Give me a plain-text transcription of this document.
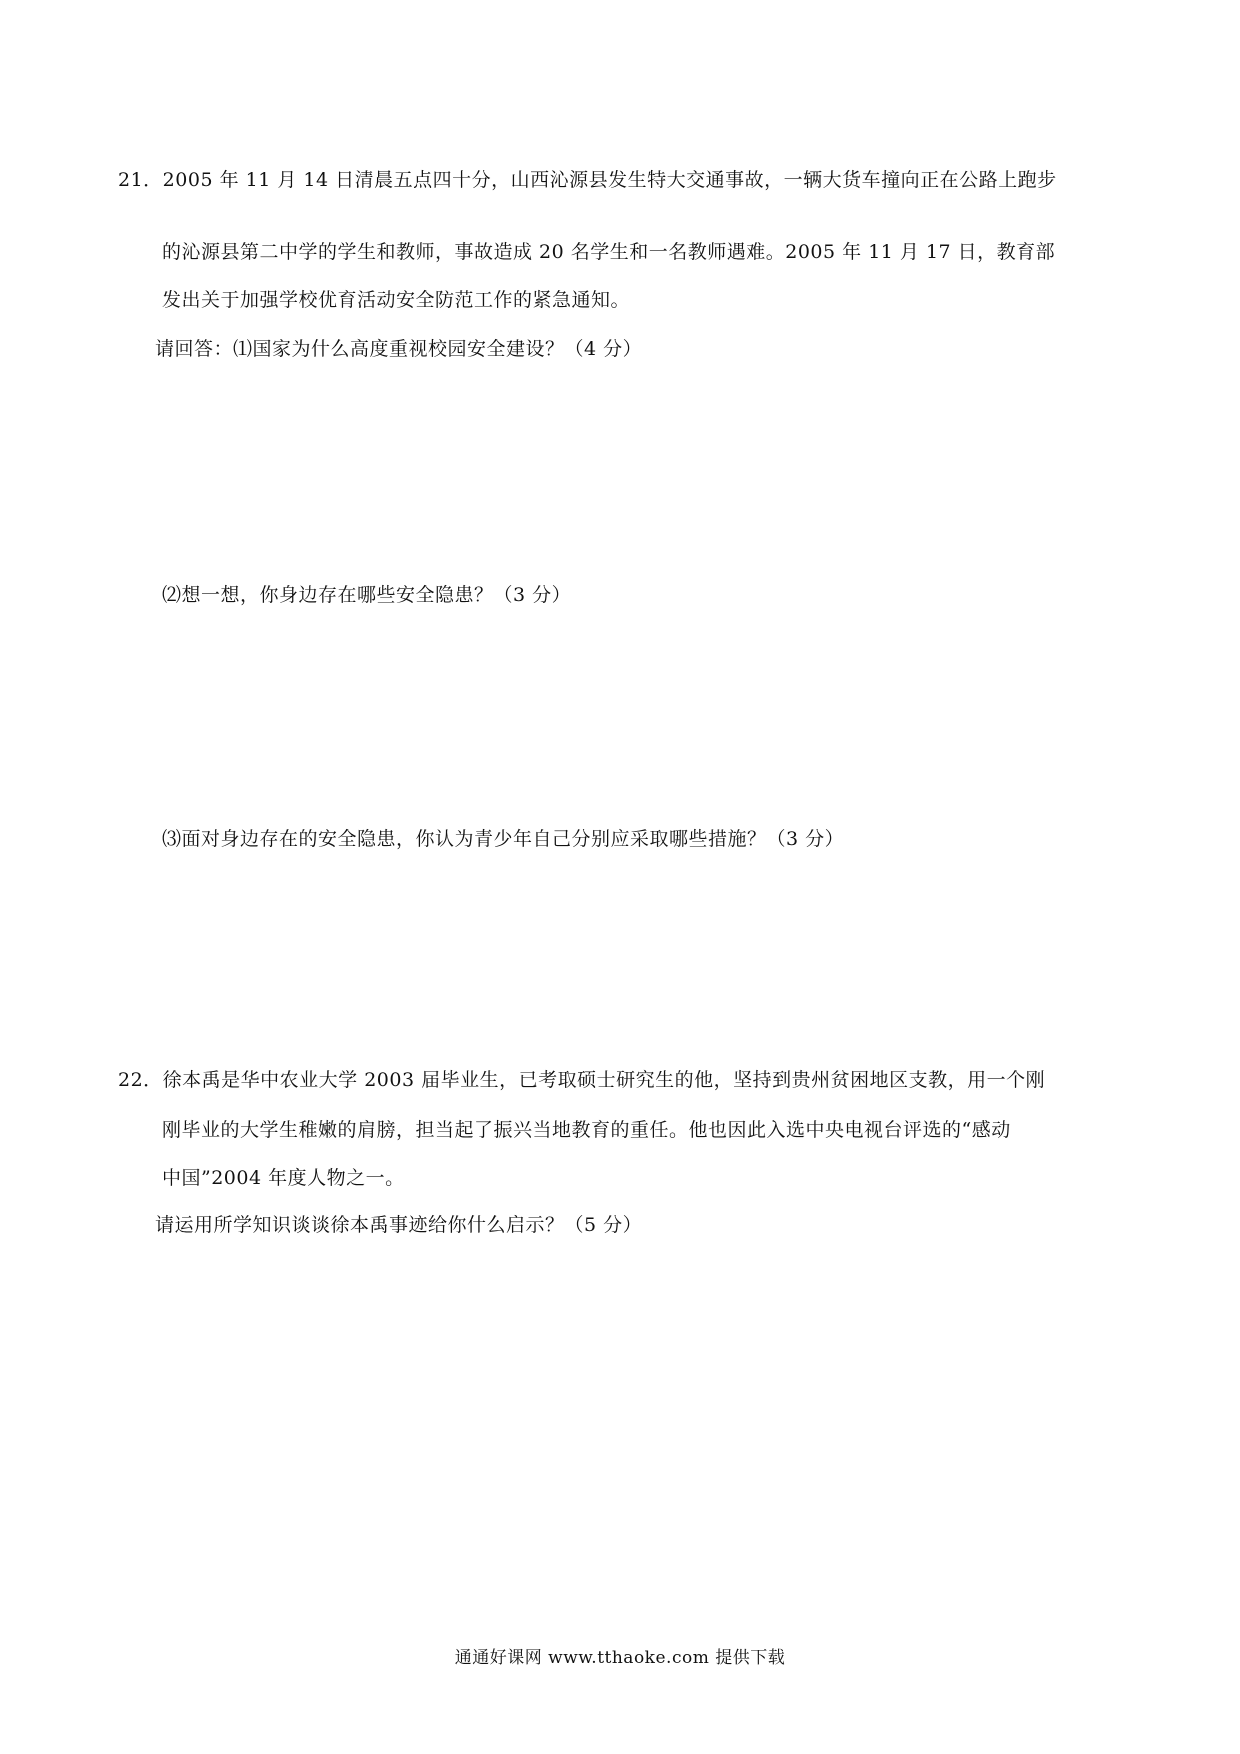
21．2005 年 11 月 14 日清晨五点四十分，山西沁源县发生特大交通事故，一辆大货车撞向正在公路上跑步
的沁源县第二中学的学生和教师，事故造成 20 名学生和一名教师遇难。2005 年 11 月 17 日，教育部
发出关于加强学校优育活动安全防范工作的紧急通知。
请回答：⑴国家为什么高度重视校园安全建设？（4 分）
⑵想一想，你身边存在哪些安全隐患？（3 分）
⑶面对身边存在的安全隐患，你认为青少年自己分别应采取哪些措施？（3 分）
22．徐本禹是华中农业大学 2003 届毕业生，已考取硕士研究生的他，坚持到贵州贫困地区支教，用一个刚
刚毕业的大学生稚嫩的肩膀，担当起了振兴当地教育的重任。他也因此入选中央电视台评选的“感动
中国”2004 年度人物之一。
请运用所学知识谈谈徐本禹事迹给你什么启示？（5 分）
通通好课网 www.tthaoke.com 提供下载
